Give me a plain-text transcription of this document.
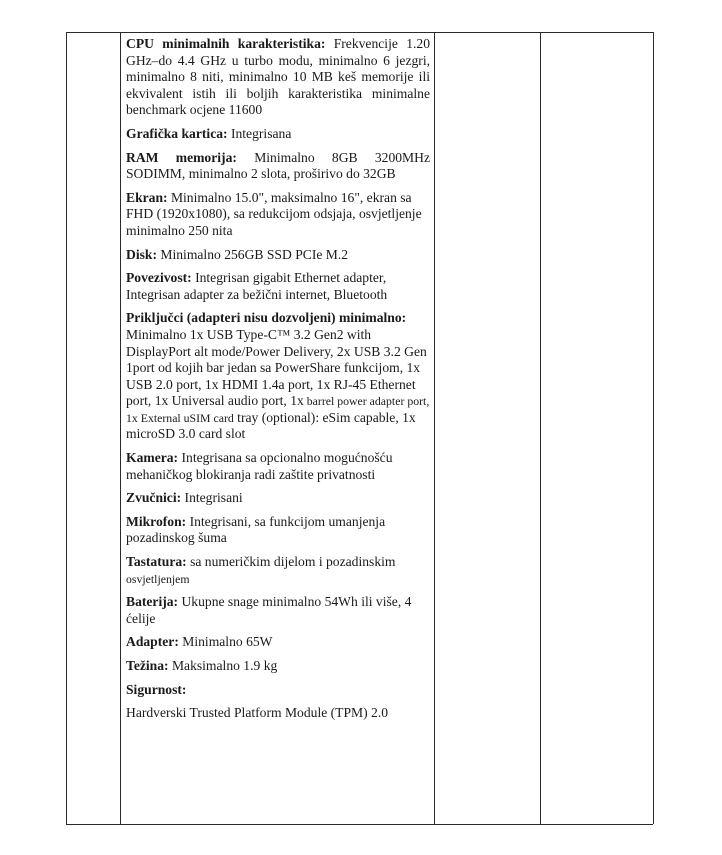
CPU minimalnih karakteristika: Frekvencije 1.20 GHz–do 4.4 GHz u turbo modu, minimalno 6 jezgri, minimalno 8 niti, minimalno 10 MB keš memorije ili ekvivalent istih ili boljih karakteristika minimalne benchmark ocjene 11600

Grafička kartica: Integrisana

RAM memorija: Minimalno 8GB 3200MHz SODIMM, minimalno 2 slota, proširivo do 32GB

Ekran: Minimalno 15.0", maksimalno 16", ekran sa FHD (1920x1080), sa redukcijom odsjaja, osvjetljenje minimalno 250 nita

Disk: Minimalno 256GB SSD PCIe M.2

Povezivost: Integrisan gigabit Ethernet adapter, Integrisan adapter za bežični internet, Bluetooth

Priključci (adapteri nisu dozvoljeni) minimalno: Minimalno 1x USB Type-C™ 3.2 Gen2 with DisplayPort alt mode/Power Delivery, 2x USB 3.2 Gen 1port od kojih bar jedan sa PowerShare funkcijom, 1x USB 2.0 port, 1x HDMI 1.4a port, 1x RJ-45 Ethernet port, 1x Universal audio port, 1x barrel power adapter port, 1x External uSIM card tray (optional): eSim capable, 1x microSD 3.0 card slot

Kamera: Integrisana sa opcionalno mogućnošću mehaničkog blokiranja radi zaštite privatnosti

Zvučnici: Integrisani

Mikrofon: Integrisani, sa funkcijom umanjenja pozadinskog šuma

Tastatura: sa numeričkim dijelom i pozadinskim osvjetljenjem

Baterija: Ukupne snage minimalno 54Wh ili više, 4 ćelije

Adapter: Minimalno 65W

Težina: Maksimalno 1.9 kg

Sigurnost:

Hardverski Trusted Platform Module (TPM) 2.0
